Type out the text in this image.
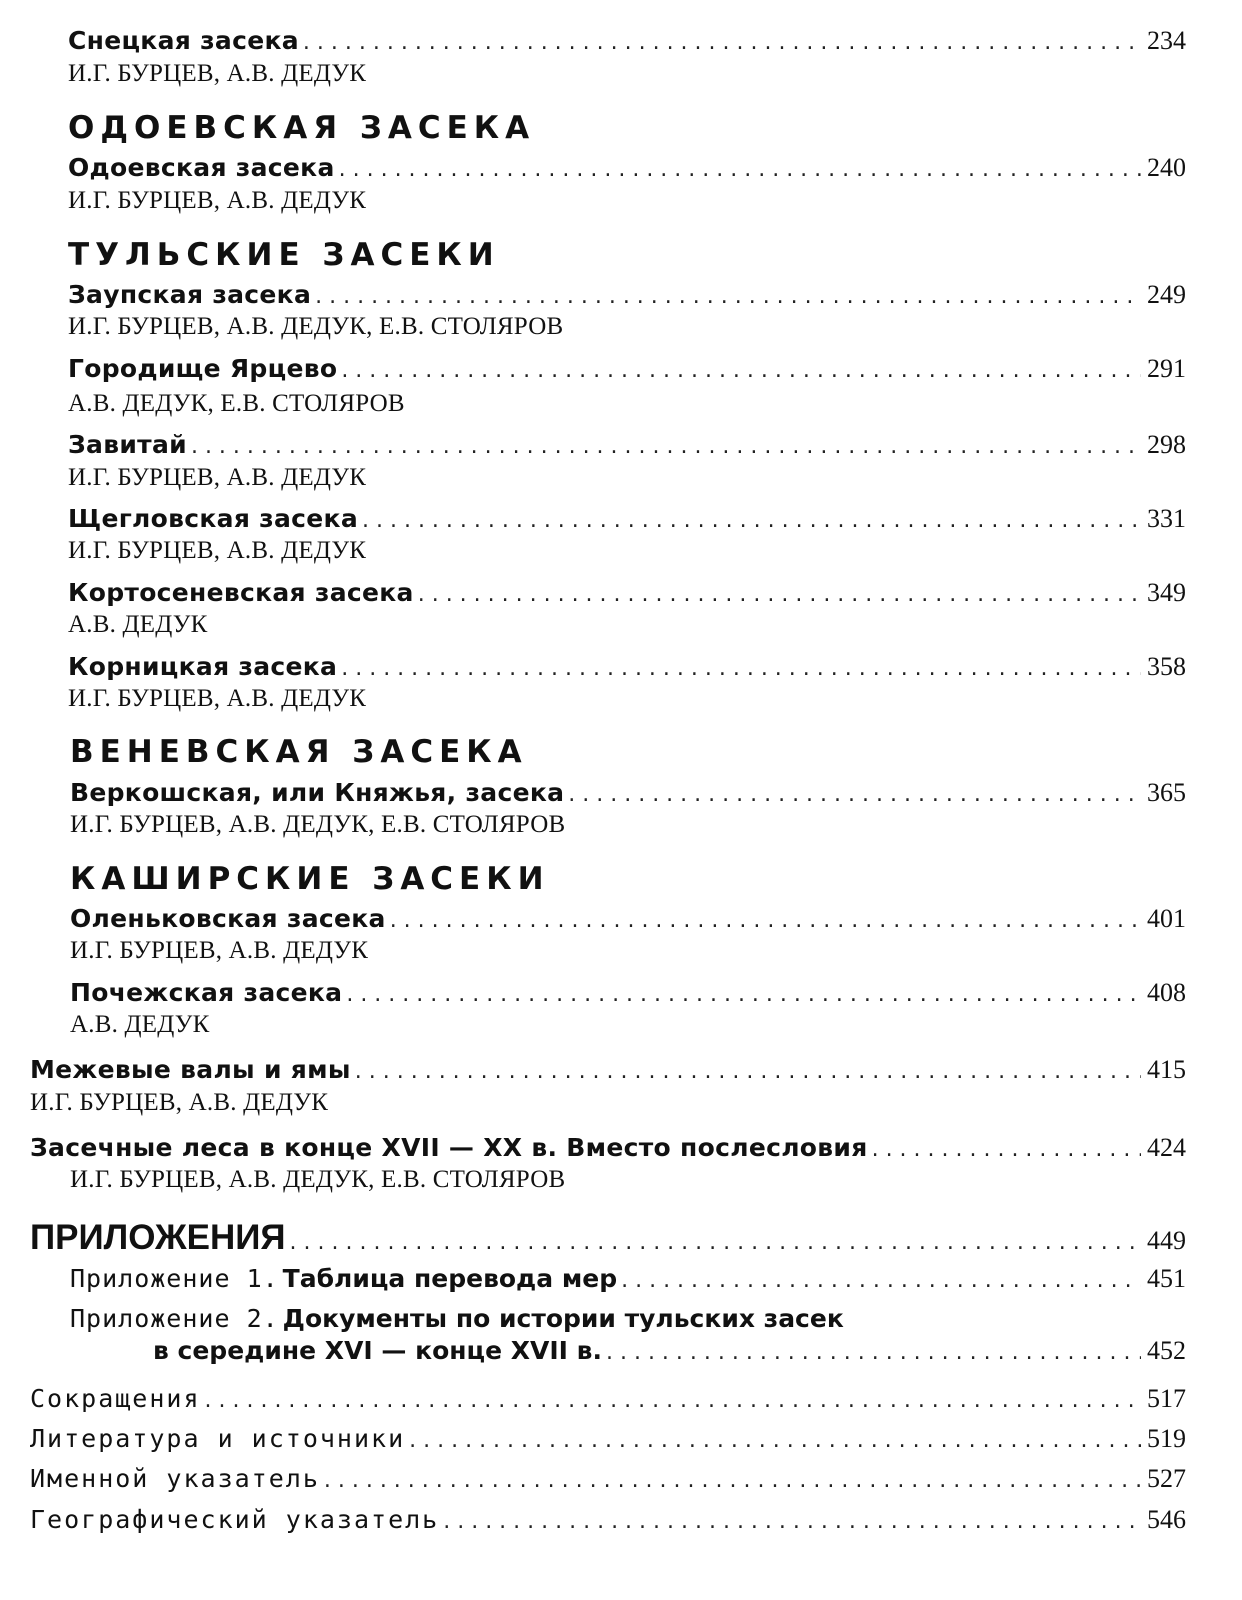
Снецкая засека . . .	234
И.Г. БУРЦЕВ, А.В. ДЕДУК
ОДОЕВСКАЯ ЗАСЕКА
Одоевская засека . . .	240
И.Г. БУРЦЕВ, А.В. ДЕДУК
ТУЛЬСКИЕ ЗАСЕКИ
Заупская засека . . .	249
И.Г. БУРЦЕВ, А.В. ДЕДУК, Е.В. СТОЛЯРОВ
Городище Ярцево . . .	291
А.В. ДЕДУК, Е.В. СТОЛЯРОВ
Завитай . . .	298
И.Г. БУРЦЕВ, А.В. ДЕДУК
Щегловская засека . . .	331
И.Г. БУРЦЕВ, А.В. ДЕДУК
Кортосеневская засека . . .	349
А.В. ДЕДУК
Корницкая засека . . .	358
И.Г. БУРЦЕВ, А.В. ДЕДУК
ВЕНЕВСКАЯ ЗАСЕКА
Веркошская, или Княжья, засека . . .	365
И.Г. БУРЦЕВ, А.В. ДЕДУК, Е.В. СТОЛЯРОВ
КАШИРСКИЕ ЗАСЕКИ
Оленьковская засека . . .	401
И.Г. БУРЦЕВ, А.В. ДЕДУК
Почежская засека . . .	408
А.В. ДЕДУК
Межевые валы и ямы . . .	415
И.Г. БУРЦЕВ, А.В. ДЕДУК
Засечные леса в конце XVII — XX в. Вместо послесловия . . .	424
И.Г. БУРЦЕВ, А.В. ДЕДУК, Е.В. СТОЛЯРОВ
ПРИЛОЖЕНИЯ . . .	449
Приложение 1. Таблица перевода мер . . .	451
Приложение 2. Документы по истории тульских засек
в середине XVI — конце XVII в. . . .	452
Сокращения . . .	517
Литература и источники . . .	519
Именной указатель . . .	527
Географический указатель . . .	546
